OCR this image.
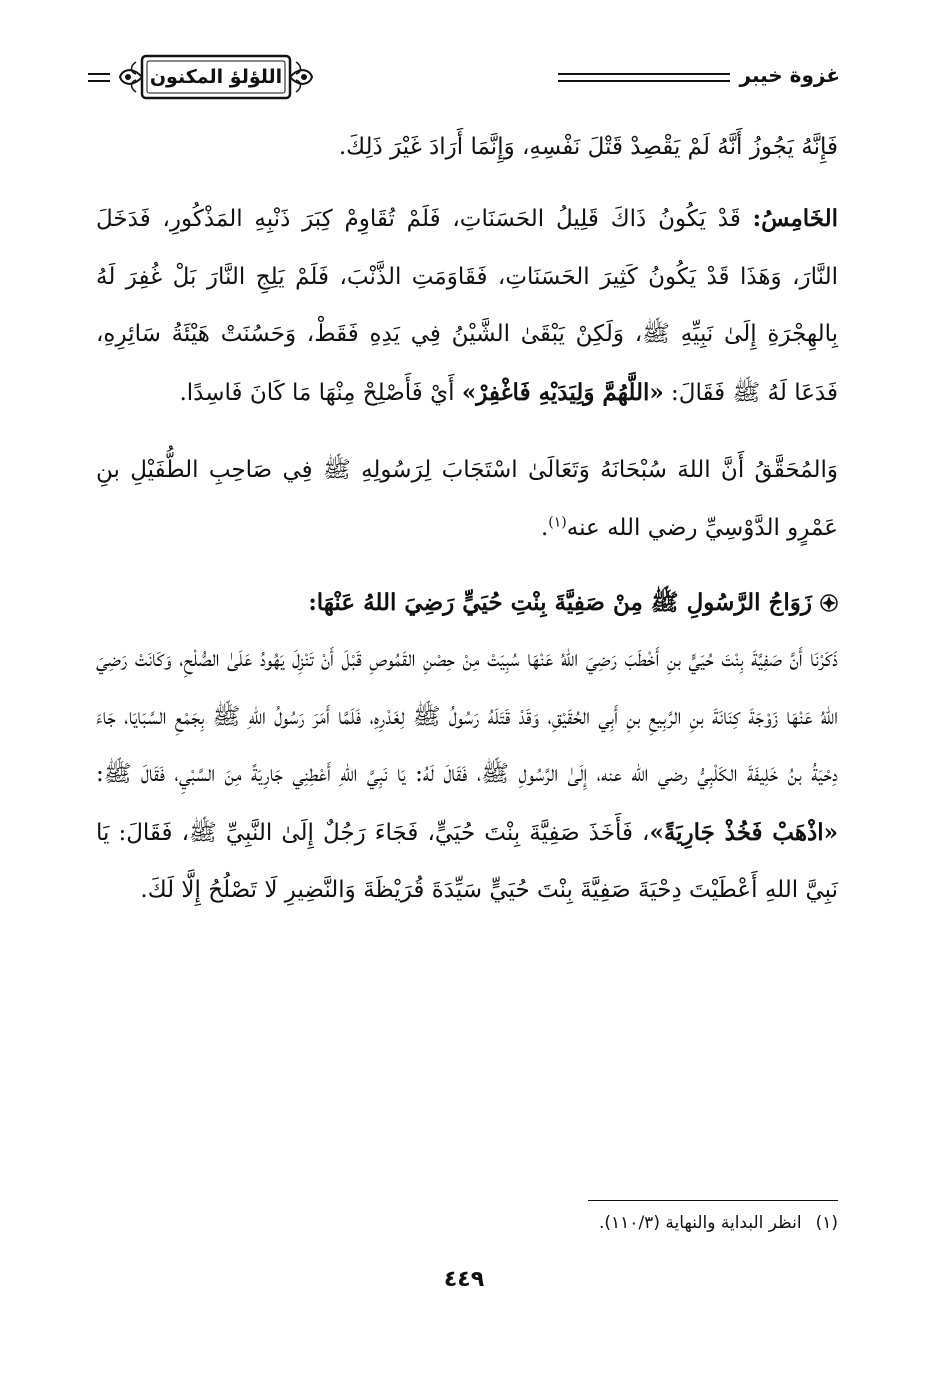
غزوة خيبر
اللؤلؤ المكنون

فَإِنَّهُ يَجُوزُ أَنَّهُ لَمْ يَقْصِدْ قَتْلَ نَفْسِهِ، وَإِنَّمَا أَرَادَ غَيْرَ ذَلِكَ.

الخَامِسُ: قَدْ يَكُونُ ذَاكَ قَلِيلُ الحَسَنَاتِ، فَلَمْ تُقَاوِمْ كِبَرَ ذَنْبِهِ المَذْكُورِ، فَدَخَلَ النَّارَ، وَهَذَا قَدْ يَكُونُ كَثِيرَ الحَسَنَاتِ، فَقَاوَمَتِ الذَّنْبَ، فَلَمْ يَلِجِ النَّارَ بَلْ غُفِرَ لَهُ بِالهِجْرَةِ إِلَىٰ نَبِيِّهِ ﷺ، وَلَكِنْ يَبْقَىٰ الشَّيْنُ فِي يَدِهِ فَقَطْ، وَحَسُنَتْ هَيْئَةُ سَائِرِهِ، فَدَعَا لَهُ ﷺ فَقَالَ: «اللَّهُمَّ وَلِيَدَيْهِ فَاغْفِرْ» أَيْ فَأَصْلِحْ مِنْهَا مَا كَانَ فَاسِدًا.

وَالمُحَقَّقُ أَنَّ اللهَ سُبْحَانَهُ وَتَعَالَىٰ اسْتَجَابَ لِرَسُولِهِ ﷺ فِي صَاحِبِ الطُّفَيْلِ بنِ عَمْرٍو الدَّوْسِيِّ رضي الله عنه$^{(١)}$.

زَوَاجُ الرَّسُولِ ﷺ مِنْ صَفِيَّةَ بِنْتِ حُيَيٍّ رَضِيَ اللهُ عَنْهَا:

ذَكَرْنَا أَنَّ صَفِيَّةَ بِنْتَ حُيَيٍّ بنِ أَخْطَبَ رَضِيَ اللهُ عَنْهَا سُبِيَتْ مِنْ حِصْنِ القَمُوصِ قَبْلَ أَنْ تَنْزِلَ يَهُودُ عَلَىٰ الصُّلْحِ، وَكَانَتْ رَضِيَ اللهُ عَنْهَا زَوْجَةَ كِنَانَةَ بنِ الرَّبِيعِ بنِ أَبِي الحُقَيْقِ، وَقَدْ قَتَلَهُ رَسُولُ ﷺ لِغَدْرِهِ، فَلَمَّا أَمَرَ رَسُولُ اللهِ ﷺ بِجَمْعِ السَّبَايَا، جَاءَ دِحْيَةُ بنُ خَلِيفَةَ الكَلْبِيُّ رضي الله عنه، إِلَىٰ الرَّسُولِ ﷺ، فَقَالَ لَهُ: يَا نَبِيَّ اللهِ أَعْطِنِي جَارِيَةً مِنَ السَّبْيِ، فَقَالَ ﷺ: «اذْهَبْ فَخُذْ جَارِيَةً»، فَأَخَذَ صَفِيَّةَ بِنْتَ حُيَيٍّ، فَجَاءَ رَجُلٌ إِلَىٰ النَّبِيِّ ﷺ، فَقَالَ: يَا نَبِيَّ اللهِ أَعْطَيْتَ دِحْيَةَ صَفِيَّةَ بِنْتَ حُيَيٍّ سَيِّدَةَ قُرَيْظَةَ وَالنَّضِيرِ لَا تَصْلُحُ إِلَّا لَكَ.

(١)انظر البداية والنهاية (١١٠/٣).
٤٤٩
